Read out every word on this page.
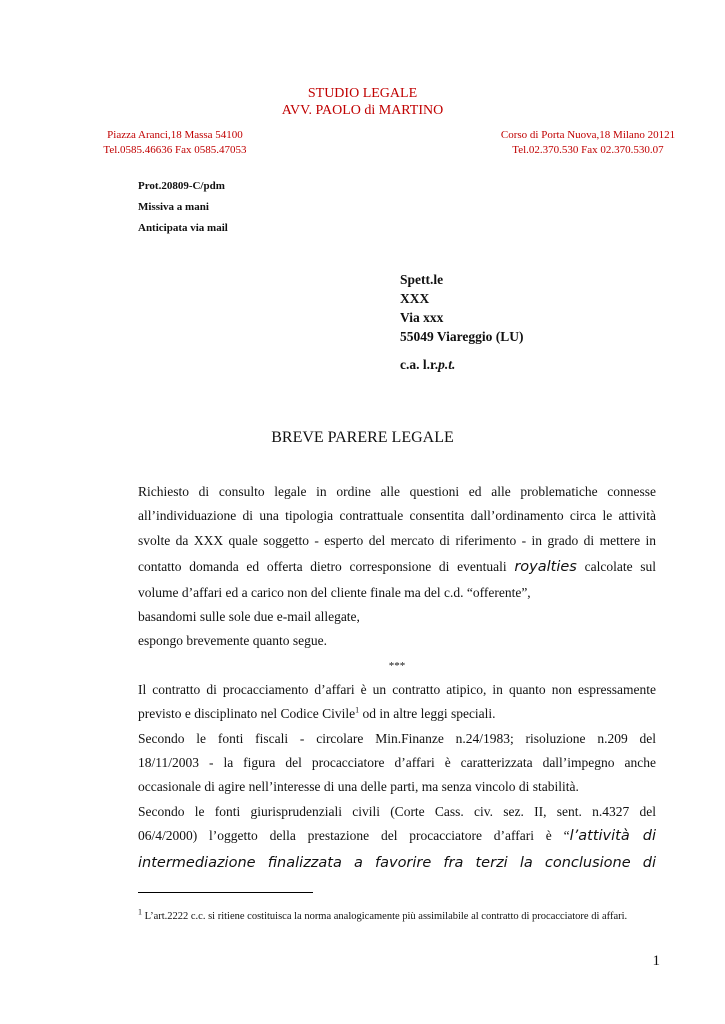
STUDIO LEGALE
AVV. PAOLO di MARTINO
Piazza Aranci,18 Massa 54100
Tel.0585.46636 Fax 0585.47053
Corso di Porta Nuova,18 Milano 20121
Tel.02.370.530 Fax 02.370.530.07
Prot.20809-C/pdm
Missiva a mani
Anticipata via mail
Spett.le
XXX
Via xxx
55049 Viareggio (LU)
c.a. l.r.p.t.
BREVE PARERE LEGALE

Richiesto di consulto legale in ordine alle questioni ed alle problematiche connesse

all’individuazione di una tipologia contrattuale consentita dall’ordinamento circa le attività

svolte da XXX quale soggetto - esperto del mercato di riferimento - in grado di mettere in

contatto domanda ed offerta dietro corresponsione di eventuali royalties calcolate sul

volume d’affari ed a carico non del cliente finale ma del c.d. “offerente”,

basandomi sulle sole due e-mail allegate,

espongo brevemente quanto segue.

***

Il contratto di procacciamento d’affari è un contratto atipico, in quanto non espressamente

previsto e disciplinato nel Codice Civile$^1$ od in altre leggi speciali.

Secondo le fonti fiscali - circolare Min.Finanze n.24/1983; risoluzione n.209 del

18/11/2003 - la figura del procacciatore d’affari è caratterizzata dall’impegno anche

occasionale di agire nell’interesse di una delle parti, ma senza vincolo di stabilità.

Secondo le fonti giurisprudenziali civili (Corte Cass. civ. sez. II, sent. n.4327 del

06/4/2000) l’oggetto della prestazione del procacciatore d’affari è “l’attività di

intermediazione finalizzata a favorire fra terzi la conclusione di

$^1$ L’art.2222 c.c. si ritiene costituisca la norma analogicamente più assimilabile al contratto di procacciatore di affari.
1
